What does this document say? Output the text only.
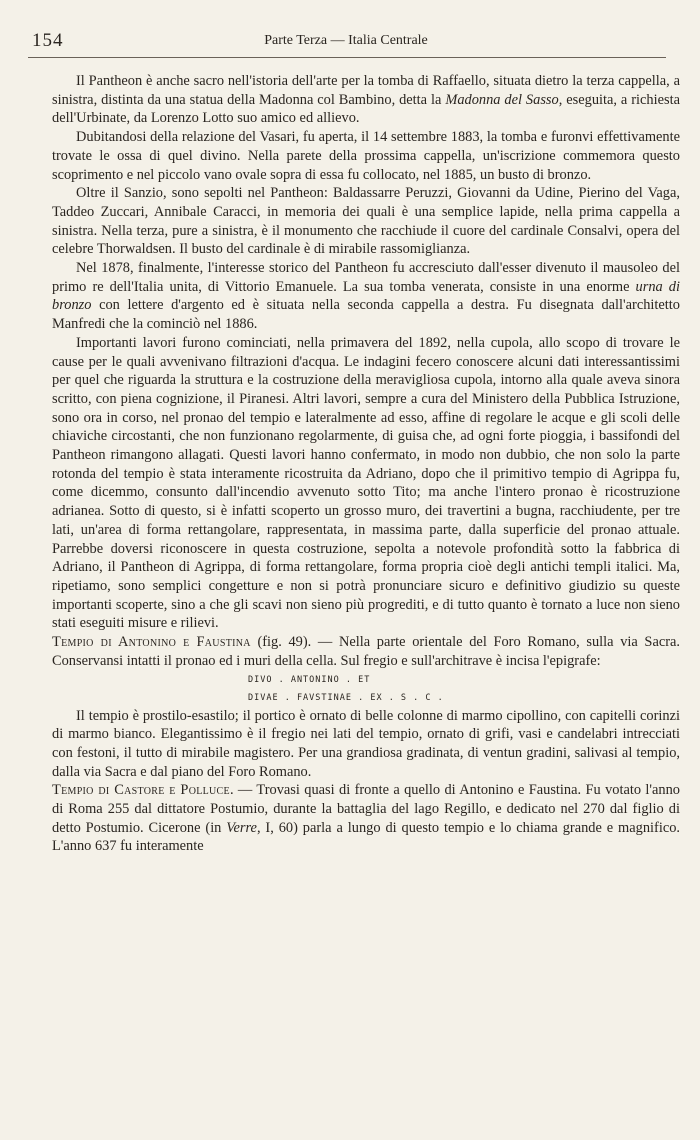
154	Parte Terza — Italia Centrale

Il Pantheon è anche sacro nell'istoria dell'arte per la tomba di Raffaello, situata dietro la terza cappella, a sinistra, distinta da una statua della Madonna col Bambino, detta la Madonna del Sasso, eseguita, a richiesta dell'Urbinate, da Lorenzo Lotto suo amico ed allievo.

Dubitandosi della relazione del Vasari, fu aperta, il 14 settembre 1883, la tomba e furonvi effettivamente trovate le ossa di quel divino. Nella parete della prossima cappella, un'iscrizione commemora questo scoprimento e nel piccolo vano ovale sopra di essa fu collocato, nel 1885, un busto di bronzo.

Oltre il Sanzio, sono sepolti nel Pantheon: Baldassarre Peruzzi, Giovanni da Udine, Pierino del Vaga, Taddeo Zuccari, Annibale Caracci, in memoria dei quali è una semplice lapide, nella prima cappella a sinistra. Nella terza, pure a sinistra, è il monumento che racchiude il cuore del cardinale Consalvi, opera del celebre Thorwaldsen. Il busto del cardinale è di mirabile rassomiglianza.

Nel 1878, finalmente, l'interesse storico del Pantheon fu accresciuto dall'esser divenuto il mausoleo del primo re dell'Italia unita, di Vittorio Emanuele. La sua tomba venerata, consiste in una enorme urna di bronzo con lettere d'argento ed è situata nella seconda cappella a destra. Fu disegnata dall'architetto Manfredi che la cominciò nel 1886.

Importanti lavori furono cominciati, nella primavera del 1892, nella cupola, allo scopo di trovare le cause per le quali avvenivano filtrazioni d'acqua. Le indagini fecero conoscere alcuni dati interessantissimi per quel che riguarda la struttura e la costruzione della meravigliosa cupola, intorno alla quale aveva sinora scritto, con piena cognizione, il Piranesi. Altri lavori, sempre a cura del Ministero della Pubblica Istruzione, sono ora in corso, nel pronao del tempio e lateralmente ad esso, affine di regolare le acque e gli scoli delle chiaviche circostanti, che non funzionano regolarmente, di guisa che, ad ogni forte pioggia, i bassifondi del Pantheon rimangono allagati. Questi lavori hanno confermato, in modo non dubbio, che non solo la parte rotonda del tempio è stata interamente ricostruita da Adriano, dopo che il primitivo tempio di Agrippa fu, come dicemmo, consunto dall'incendio avvenuto sotto Tito; ma anche l'intero pronao è ricostruzione adrianea. Sotto di questo, si è infatti scoperto un grosso muro, dei travertini a bugna, racchiudente, per tre lati, un'area di forma rettangolare, rappresentata, in massima parte, dalla superficie del pronao attuale. Parrebbe doversi riconoscere in questa costruzione, sepolta a notevole profondità sotto la fabbrica di Adriano, il Pantheon di Agrippa, di forma rettangolare, forma propria cioè degli antichi templi italici. Ma, ripetiamo, sono semplici congetture e non si potrà pronunciare sicuro e definitivo giudizio su queste importanti scoperte, sino a che gli scavi non sieno più progrediti, e di tutto quanto è tornato a luce non sieno stati eseguiti misure e rilievi.

Tempio di Antonino e Faustina (fig. 49). — Nella parte orientale del Foro Romano, sulla via Sacra. Conservansi intatti il pronao ed i muri della cella. Sul fregio e sull'architrave è incisa l'epigrafe:

DIVO . ANTONINO . ET
DIVAE . FAVSTINAE . EX . S . C .

Il tempio è prostilo-esastilo; il portico è ornato di belle colonne di marmo cipollino, con capitelli corinzi di marmo bianco. Elegantissimo è il fregio nei lati del tempio, ornato di grifi, vasi e candelabri intrecciati con festoni, il tutto di mirabile magistero. Per una grandiosa gradinata, di ventun gradini, salivasi al tempio, dalla via Sacra e dal piano del Foro Romano.

Tempio di Castore e Polluce. — Trovasi quasi di fronte a quello di Antonino e Faustina. Fu votato l'anno di Roma 255 dal dittatore Postumio, durante la battaglia del lago Regillo, e dedicato nel 270 dal figlio di detto Postumio. Cicerone (in Verre, I, 60) parla a lungo di questo tempio e lo chiama grande e magnifico. L'anno 637 fu interamente
